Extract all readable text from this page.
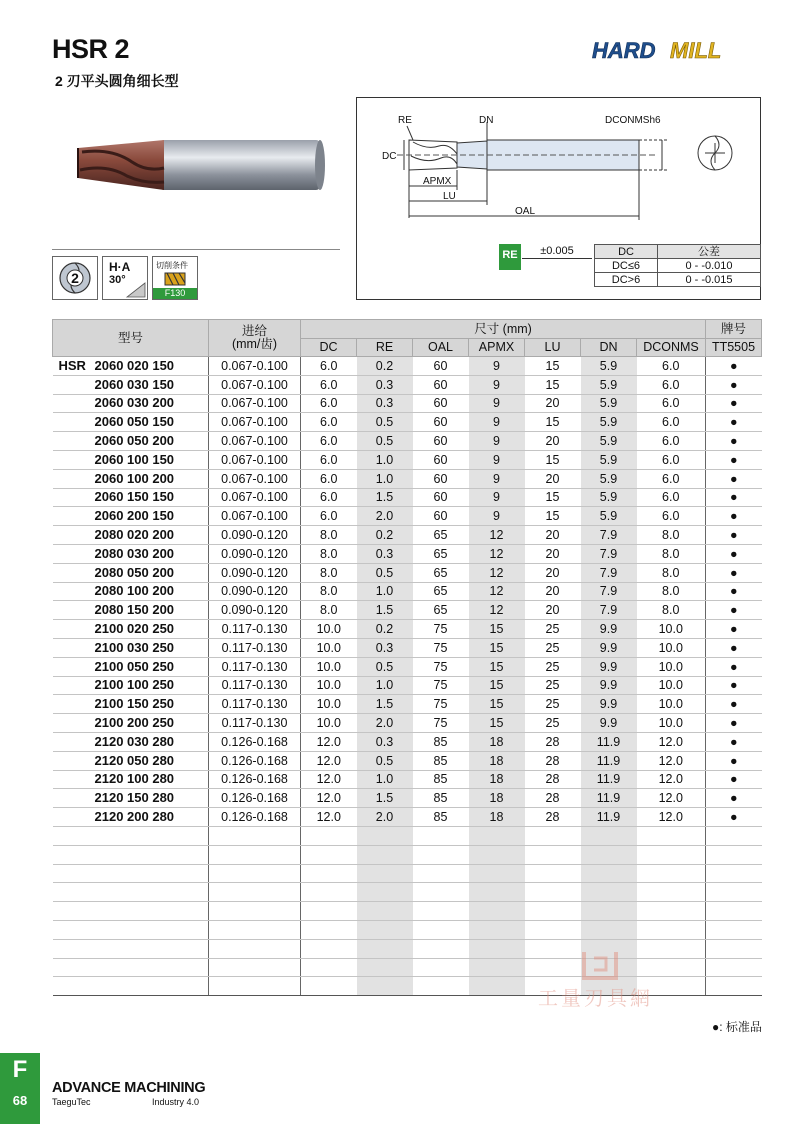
HSR 2
2 刃平头圆角细长型
HARD MILL
2
H·A
30°
切削条件
F130
RE	DN	DCONMSh6
DC
APMX
LU
OAL
RE	±0.005	DC	公差
DC≤6	0 - -0.010
DC>6	0 - -0.015
型号	进给
(mm/齿)	尺寸 (mm)							牌号
		DC	RE	OAL	APMX	LU	DN	DCONMS	TT5505
HSR 2060 020 150	0.067-0.100	6.0	0.2	60	9	15	5.9	6.0	●
2060 030 150	0.067-0.100	6.0	0.3	60	9	15	5.9	6.0	●
2060 030 200	0.067-0.100	6.0	0.3	60	9	20	5.9	6.0	●
2060 050 150	0.067-0.100	6.0	0.5	60	9	15	5.9	6.0	●
2060 050 200	0.067-0.100	6.0	0.5	60	9	20	5.9	6.0	●
2060 100 150	0.067-0.100	6.0	1.0	60	9	15	5.9	6.0	●
2060 100 200	0.067-0.100	6.0	1.0	60	9	20	5.9	6.0	●
2060 150 150	0.067-0.100	6.0	1.5	60	9	15	5.9	6.0	●
2060 200 150	0.067-0.100	6.0	2.0	60	9	15	5.9	6.0	●
2080 020 200	0.090-0.120	8.0	0.2	65	12	20	7.9	8.0	●
2080 030 200	0.090-0.120	8.0	0.3	65	12	20	7.9	8.0	●
2080 050 200	0.090-0.120	8.0	0.5	65	12	20	7.9	8.0	●
2080 100 200	0.090-0.120	8.0	1.0	65	12	20	7.9	8.0	●
2080 150 200	0.090-0.120	8.0	1.5	65	12	20	7.9	8.0	●
2100 020 250	0.117-0.130	10.0	0.2	75	15	25	9.9	10.0	●
2100 030 250	0.117-0.130	10.0	0.3	75	15	25	9.9	10.0	●
2100 050 250	0.117-0.130	10.0	0.5	75	15	25	9.9	10.0	●
2100 100 250	0.117-0.130	10.0	1.0	75	15	25	9.9	10.0	●
2100 150 250	0.117-0.130	10.0	1.5	75	15	25	9.9	10.0	●
2100 200 250	0.117-0.130	10.0	2.0	75	15	25	9.9	10.0	●
2120 030 280	0.126-0.168	12.0	0.3	85	18	28	11.9	12.0	●
2120 050 280	0.126-0.168	12.0	0.5	85	18	28	11.9	12.0	●
2120 100 280	0.126-0.168	12.0	1.0	85	18	28	11.9	12.0	●
2120 150 280	0.126-0.168	12.0	1.5	85	18	28	11.9	12.0	●
2120 200 280	0.126-0.168	12.0	2.0	85	18	28	11.9	12.0	●

工量刃具網
●: 标准品
F
68
ADVANCE MACHINING
TaeguTec	Industry 4.0
